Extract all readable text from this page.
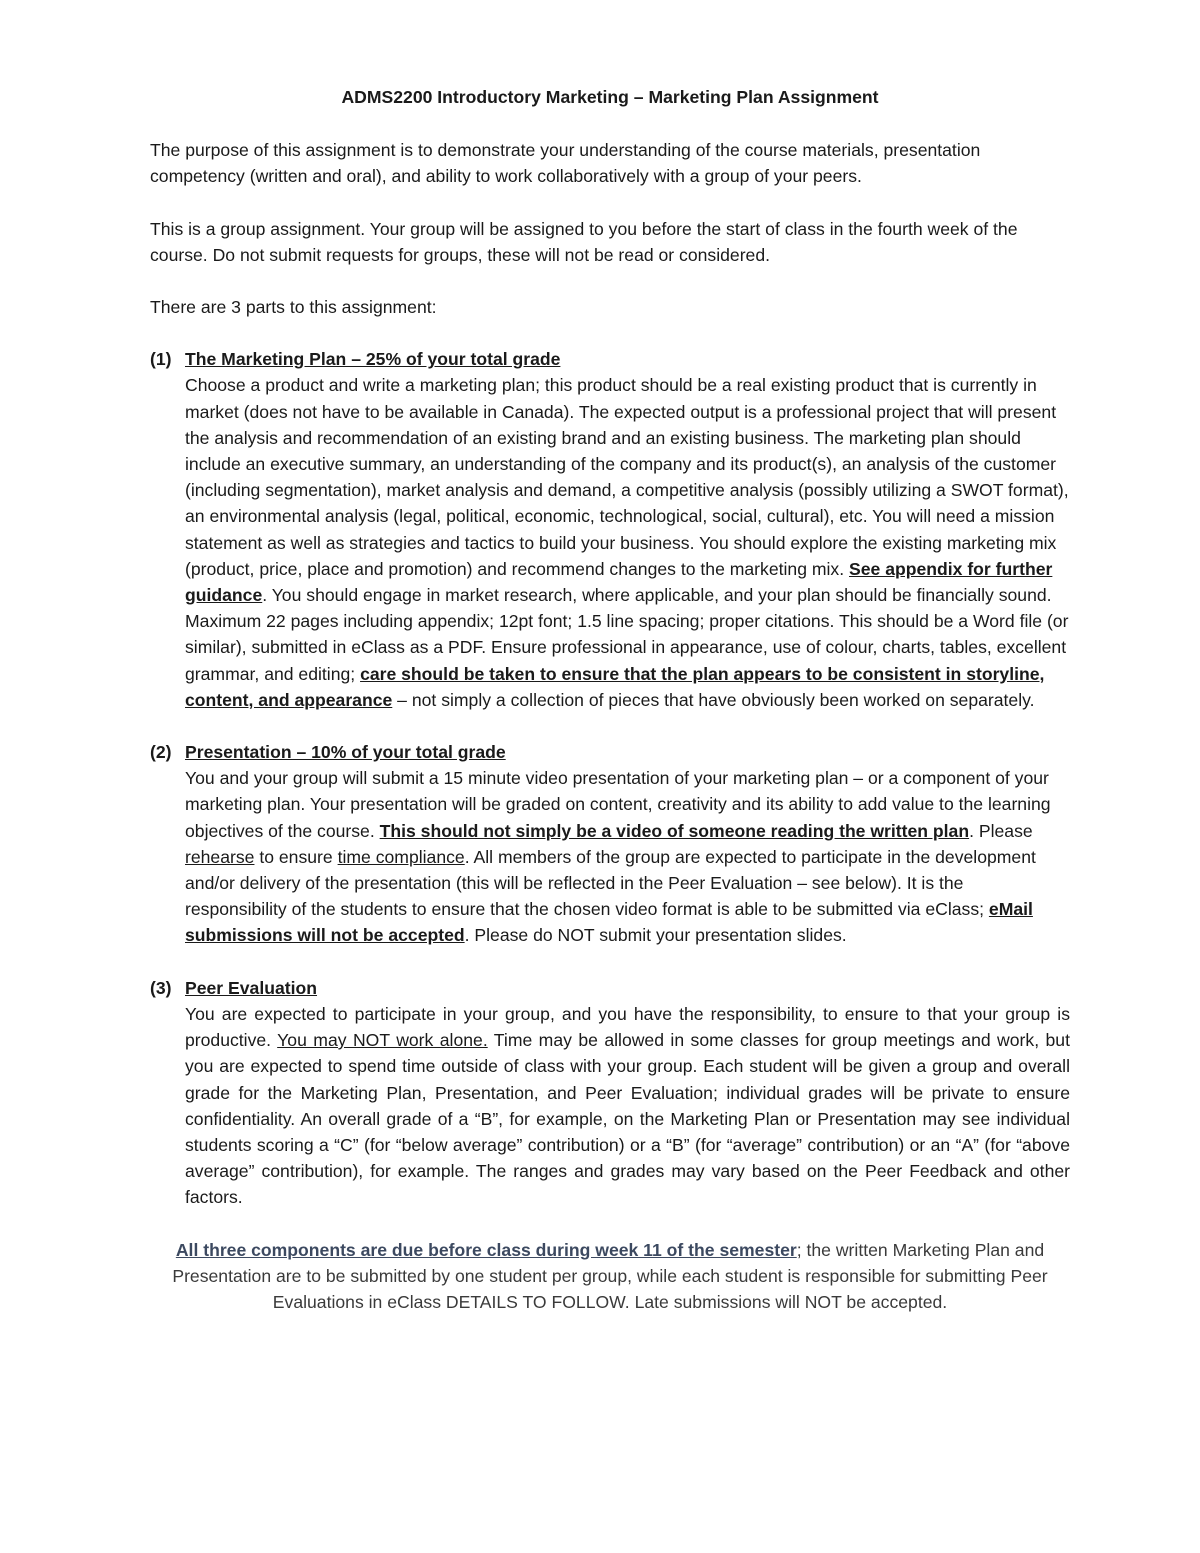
ADMS2200 Introductory Marketing – Marketing Plan Assignment

The purpose of this assignment is to demonstrate your understanding of the course materials, presentation competency (written and oral), and ability to work collaboratively with a group of your peers.

This is a group assignment. Your group will be assigned to you before the start of class in the fourth week of the course. Do not submit requests for groups, these will not be read or considered.

There are 3 parts to this assignment:

(1) The Marketing Plan – 25% of your total grade
Choose a product and write a marketing plan; this product should be a real existing product that is currently in market (does not have to be available in Canada). The expected output is a professional project that will present the analysis and recommendation of an existing brand and an existing business. The marketing plan should include an executive summary, an understanding of the company and its product(s), an analysis of the customer (including segmentation), market analysis and demand, a competitive analysis (possibly utilizing a SWOT format), an environmental analysis (legal, political, economic, technological, social, cultural), etc. You will need a mission statement as well as strategies and tactics to build your business. You should explore the existing marketing mix (product, price, place and promotion) and recommend changes to the marketing mix. See appendix for further guidance. You should engage in market research, where applicable, and your plan should be financially sound. Maximum 22 pages including appendix; 12pt font; 1.5 line spacing; proper citations. This should be a Word file (or similar), submitted in eClass as a PDF. Ensure professional in appearance, use of colour, charts, tables, excellent grammar, and editing; care should be taken to ensure that the plan appears to be consistent in storyline, content, and appearance – not simply a collection of pieces that have obviously been worked on separately.
(2) Presentation – 10% of your total grade
You and your group will submit a 15 minute video presentation of your marketing plan – or a component of your marketing plan. Your presentation will be graded on content, creativity and its ability to add value to the learning objectives of the course. This should not simply be a video of someone reading the written plan. Please rehearse to ensure time compliance. All members of the group are expected to participate in the development and/or delivery of the presentation (this will be reflected in the Peer Evaluation – see below). It is the responsibility of the students to ensure that the chosen video format is able to be submitted via eClass; eMail submissions will not be accepted. Please do NOT submit your presentation slides.
(3) Peer Evaluation
You are expected to participate in your group, and you have the responsibility, to ensure to that your group is productive. You may NOT work alone. Time may be allowed in some classes for group meetings and work, but you are expected to spend time outside of class with your group. Each student will be given a group and overall grade for the Marketing Plan, Presentation, and Peer Evaluation; individual grades will be private to ensure confidentiality. An overall grade of a “B”, for example, on the Marketing Plan or Presentation may see individual students scoring a “C” (for “below average” contribution) or a “B” (for “average” contribution) or an “A” (for “above average” contribution), for example. The ranges and grades may vary based on the Peer Feedback and other factors.
All three components are due before class during week 11 of the semester; the written Marketing Plan and Presentation are to be submitted by one student per group, while each student is responsible for submitting Peer Evaluations in eClass DETAILS TO FOLLOW. Late submissions will NOT be accepted.
